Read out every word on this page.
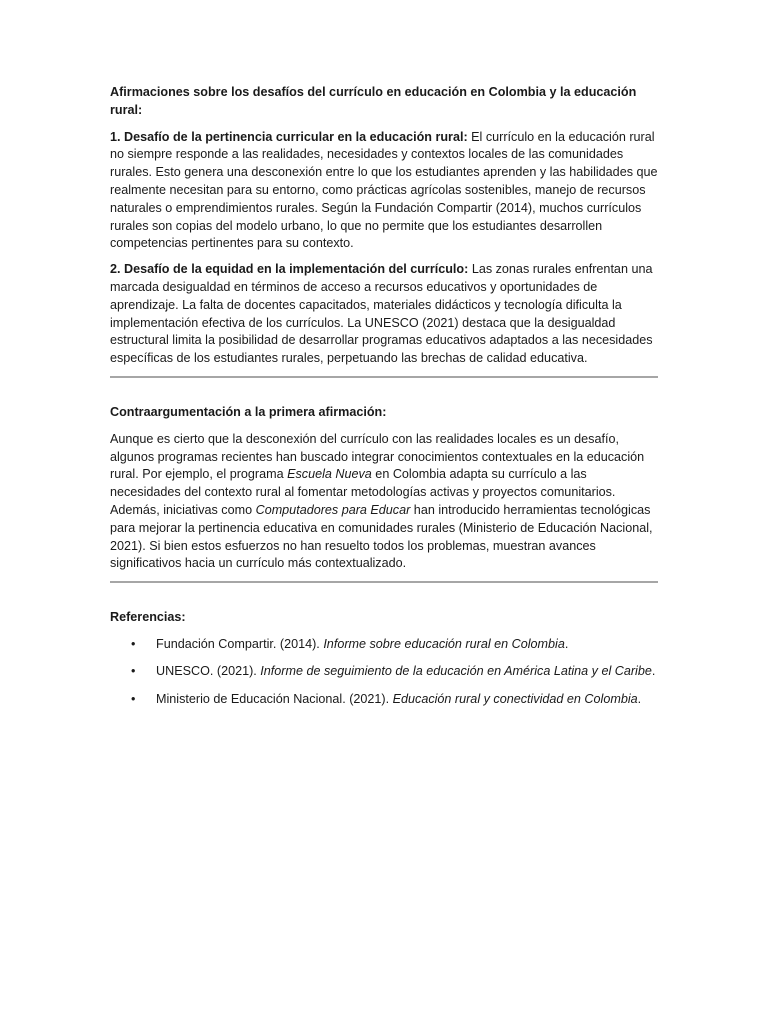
Afirmaciones sobre los desafíos del currículo en educación en Colombia y la educación rural:

1. Desafío de la pertinencia curricular en la educación rural: El currículo en la educación rural no siempre responde a las realidades, necesidades y contextos locales de las comunidades rurales. Esto genera una desconexión entre lo que los estudiantes aprenden y las habilidades que realmente necesitan para su entorno, como prácticas agrícolas sostenibles, manejo de recursos naturales o emprendimientos rurales. Según la Fundación Compartir (2014), muchos currículos rurales son copias del modelo urbano, lo que no permite que los estudiantes desarrollen competencias pertinentes para su contexto.

2. Desafío de la equidad en la implementación del currículo: Las zonas rurales enfrentan una marcada desigualdad en términos de acceso a recursos educativos y oportunidades de aprendizaje. La falta de docentes capacitados, materiales didácticos y tecnología dificulta la implementación efectiva de los currículos. La UNESCO (2021) destaca que la desigualdad estructural limita la posibilidad de desarrollar programas educativos adaptados a las necesidades específicas de los estudiantes rurales, perpetuando las brechas de calidad educativa.

Contraargumentación a la primera afirmación:

Aunque es cierto que la desconexión del currículo con las realidades locales es un desafío, algunos programas recientes han buscado integrar conocimientos contextuales en la educación rural. Por ejemplo, el programa Escuela Nueva en Colombia adapta su currículo a las necesidades del contexto rural al fomentar metodologías activas y proyectos comunitarios. Además, iniciativas como Computadores para Educar han introducido herramientas tecnológicas para mejorar la pertinencia educativa en comunidades rurales (Ministerio de Educación Nacional, 2021). Si bien estos esfuerzos no han resuelto todos los problemas, muestran avances significativos hacia un currículo más contextualizado.

Referencias:

• Fundación Compartir. (2014). Informe sobre educación rural en Colombia.
• UNESCO. (2021). Informe de seguimiento de la educación en América Latina y el Caribe.
• Ministerio de Educación Nacional. (2021). Educación rural y conectividad en Colombia.
